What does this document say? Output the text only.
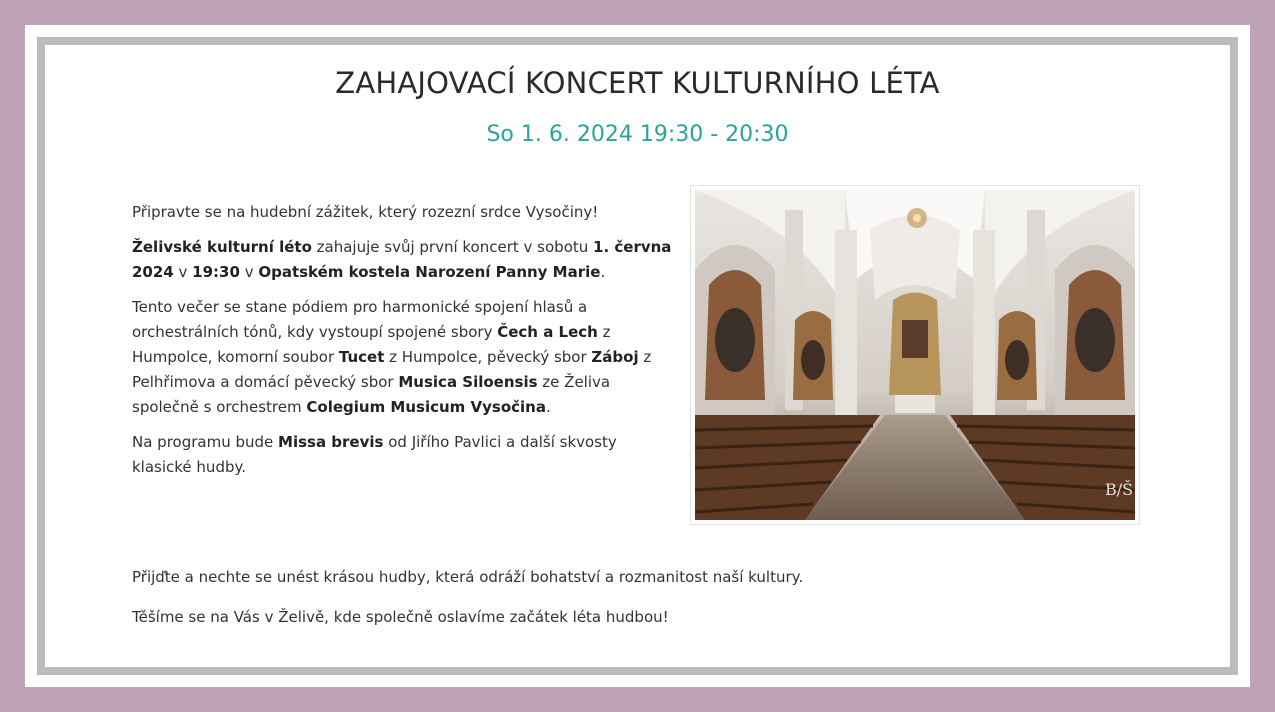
ZAHAJOVACÍ KONCERT KULTURNÍHO LÉTA
So 1. 6. 2024 19:30 - 20:30

Připravte se na hudební zážitek, který rozezní srdce Vysočiny!

Želivské kulturní léto zahajuje svůj první koncert v sobotu 1. června 2024 v 19:30 v Opatském kostela Narození Panny Marie.

Tento večer se stane pódiem pro harmonické spojení hlasů a orchestrálních tónů, kdy vystoupí spojené sbory Čech a Lech z Humpolce, komorní soubor Tucet z Humpolce, pěvecký sbor Záboj z Pelhřimova a domácí pěvecký sbor Musica Siloensis ze Želiva společně s orchestrem Colegium Musicum Vysočina.

Na programu bude Missa brevis od Jiřího Pavlici a další skvosty klasické hudby.

Přijďte a nechte se unést krásou hudby, která odráží bohatství a rozmanitost naší kultury.

Těšíme se na Vás v Želivě, kde společně oslavíme začátek léta hudbou!

B/Š
